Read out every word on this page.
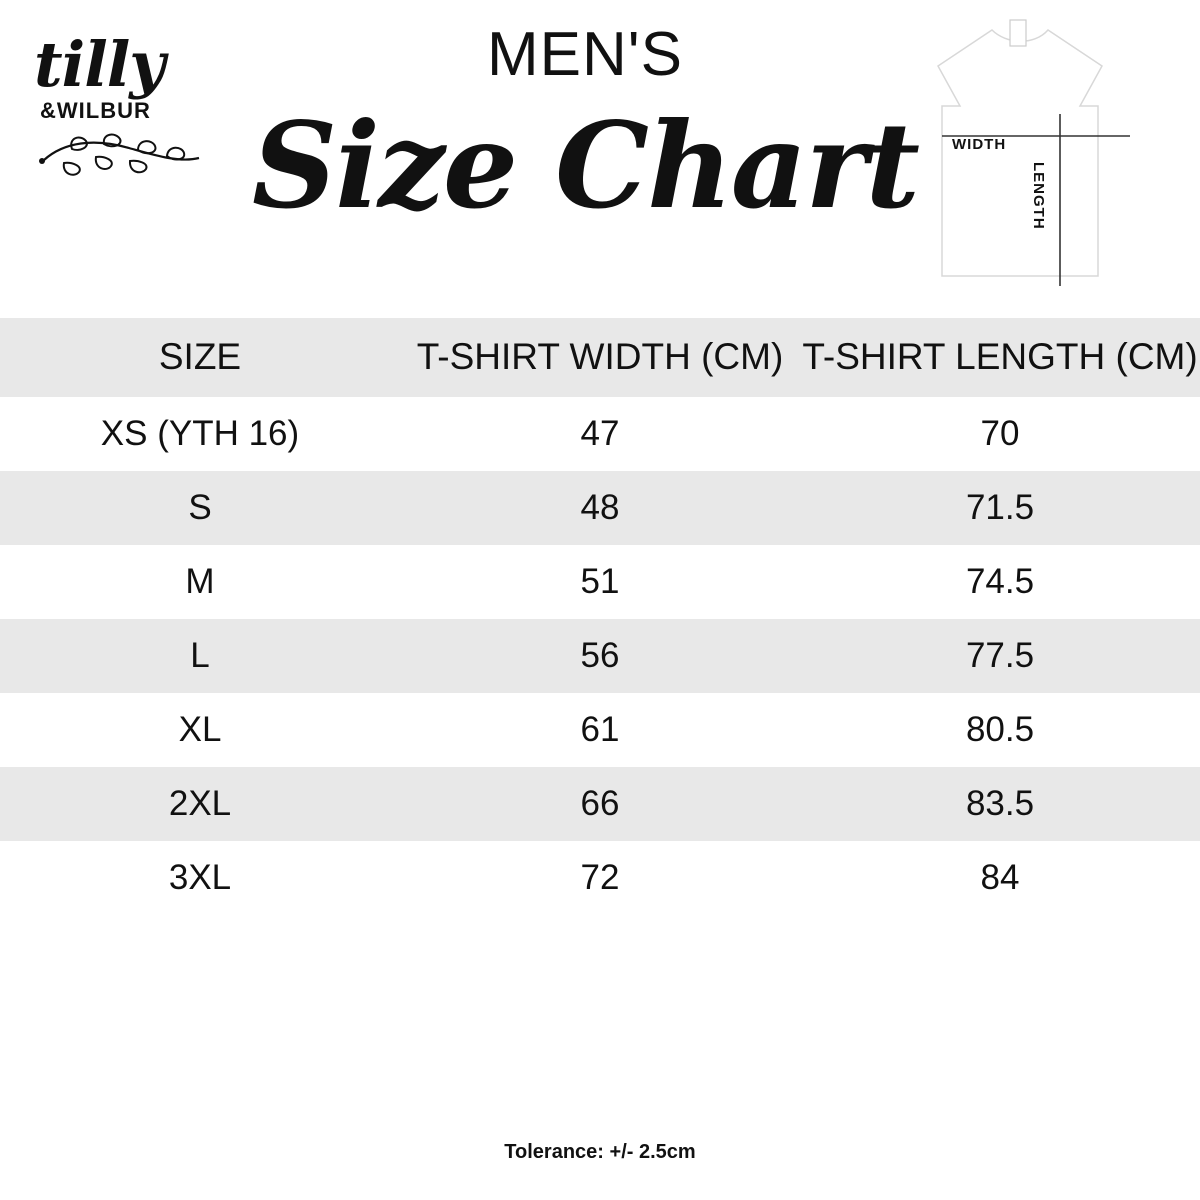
tilly
&WILBUR
MEN'S
Size Chart	WIDTH
LENGTH
SIZE	T-SHIRT WIDTH (CM)	T-SHIRT LENGTH (CM)
XS (YTH 16)	47	70
S	48	71.5
M	51	74.5
L	56	77.5
XL	61	80.5
2XL	66	83.5
3XL	72	84
Tolerance: +/- 2.5cm
